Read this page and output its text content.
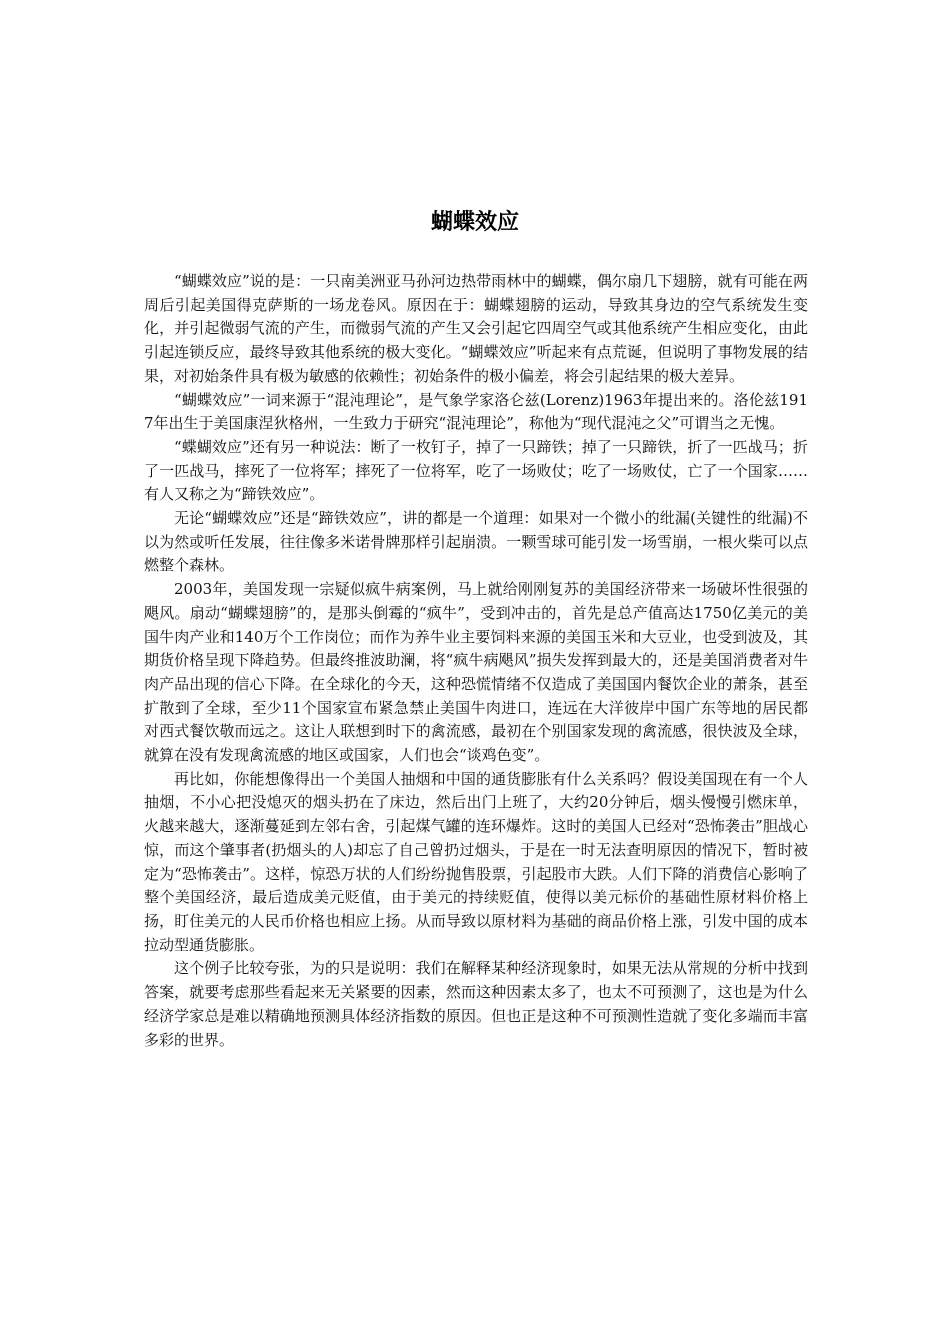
蝴蝶效应

“蝴蝶效应”说的是：一只南美洲亚马孙河边热带雨林中的蝴蝶，偶尔扇几下翅膀，就有可能在两周后引起美国得克萨斯的一场龙卷风。原因在于：蝴蝶翅膀的运动，导致其身边的空气系统发生变化，并引起微弱气流的产生，而微弱气流的产生又会引起它四周空气或其他系统产生相应变化，由此引起连锁反应，最终导致其他系统的极大变化。“蝴蝶效应”听起来有点荒诞，但说明了事物发展的结果，对初始条件具有极为敏感的依赖性；初始条件的极小偏差，将会引起结果的极大差异。

“蝴蝶效应”一词来源于“混沌理论”，是气象学家洛仑兹(Lorenz)1963年提出来的。洛伦兹1917年出生于美国康涅狄格州，一生致力于研究“混沌理论”，称他为“现代混沌之父”可谓当之无愧。

“蝶蝴效应”还有另一种说法：断了一枚钉子，掉了一只蹄铁；掉了一只蹄铁，折了一匹战马；折了一匹战马，摔死了一位将军；摔死了一位将军，吃了一场败仗；吃了一场败仗，亡了一个国家……有人又称之为“蹄铁效应”。

无论“蝴蝶效应”还是“蹄铁效应”，讲的都是一个道理：如果对一个微小的纰漏(关键性的纰漏)不以为然或听任发展，往往像多米诺骨牌那样引起崩溃。一颗雪球可能引发一场雪崩，一根火柴可以点燃整个森林。

2003年，美国发现一宗疑似疯牛病案例，马上就给刚刚复苏的美国经济带来一场破坏性很强的飓风。扇动“蝴蝶翅膀”的，是那头倒霉的“疯牛”，受到冲击的，首先是总产值高达1750亿美元的美国牛肉产业和140万个工作岗位；而作为养牛业主要饲料来源的美国玉米和大豆业，也受到波及，其期货价格呈现下降趋势。但最终推波助澜，将“疯牛病飓风”损失发挥到最大的，还是美国消费者对牛肉产品出现的信心下降。在全球化的今天，这种恐慌情绪不仅造成了美国国内餐饮企业的萧条，甚至扩散到了全球，至少11个国家宣布紧急禁止美国牛肉进口，连远在大洋彼岸中国广东等地的居民都对西式餐饮敬而远之。这让人联想到时下的禽流感，最初在个别国家发现的禽流感，很快波及全球，就算在没有发现禽流感的地区或国家，人们也会“谈鸡色变”。

再比如，你能想像得出一个美国人抽烟和中国的通货膨胀有什么关系吗？假设美国现在有一个人抽烟，不小心把没熄灭的烟头扔在了床边，然后出门上班了，大约20分钟后，烟头慢慢引燃床单，火越来越大，逐渐蔓延到左邻右舍，引起煤气罐的连环爆炸。这时的美国人已经对“恐怖袭击”胆战心惊，而这个肇事者(扔烟头的人)却忘了自己曾扔过烟头，于是在一时无法查明原因的情况下，暂时被定为“恐怖袭击”。这样，惊恐万状的人们纷纷抛售股票，引起股市大跌。人们下降的消费信心影响了整个美国经济，最后造成美元贬值，由于美元的持续贬值，使得以美元标价的基础性原材料价格上扬，盯住美元的人民币价格也相应上扬。从而导致以原材料为基础的商品价格上涨，引发中国的成本拉动型通货膨胀。

这个例子比较夸张，为的只是说明：我们在解释某种经济现象时，如果无法从常规的分析中找到答案，就要考虑那些看起来无关紧要的因素，然而这种因素太多了，也太不可预测了，这也是为什么经济学家总是难以精确地预测具体经济指数的原因。但也正是这种不可预测性造就了变化多端而丰富多彩的世界。
